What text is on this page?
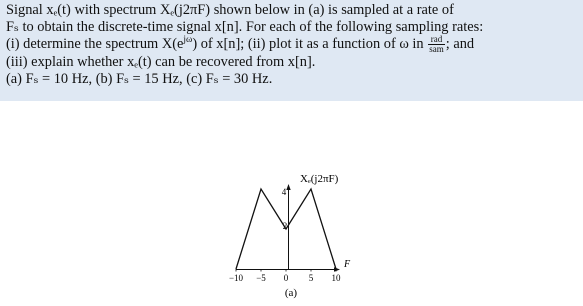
Signal xₑ(t) with spectrum Xₑ(j2πF) shown below in (a) is sampled at a rate of
Fₛ to obtain the discrete-time signal x[n]. For each of the following sampling rates:
(i) determine the spectrum $X(e^{j\omega})$ of x[n]; (ii) plot it as a function of ω in $\frac{\text{rad}}{\text{sam}}$ ; and
(iii) explain whether xₑ(t) can be recovered from x[n].
(a) Fₛ = 10 Hz, (b) Fₛ = 15 Hz, (c) Fₛ = 30 Hz.
Xₑ(j2πF)
4
2
F
−10 −5 0 5 10
(a)
